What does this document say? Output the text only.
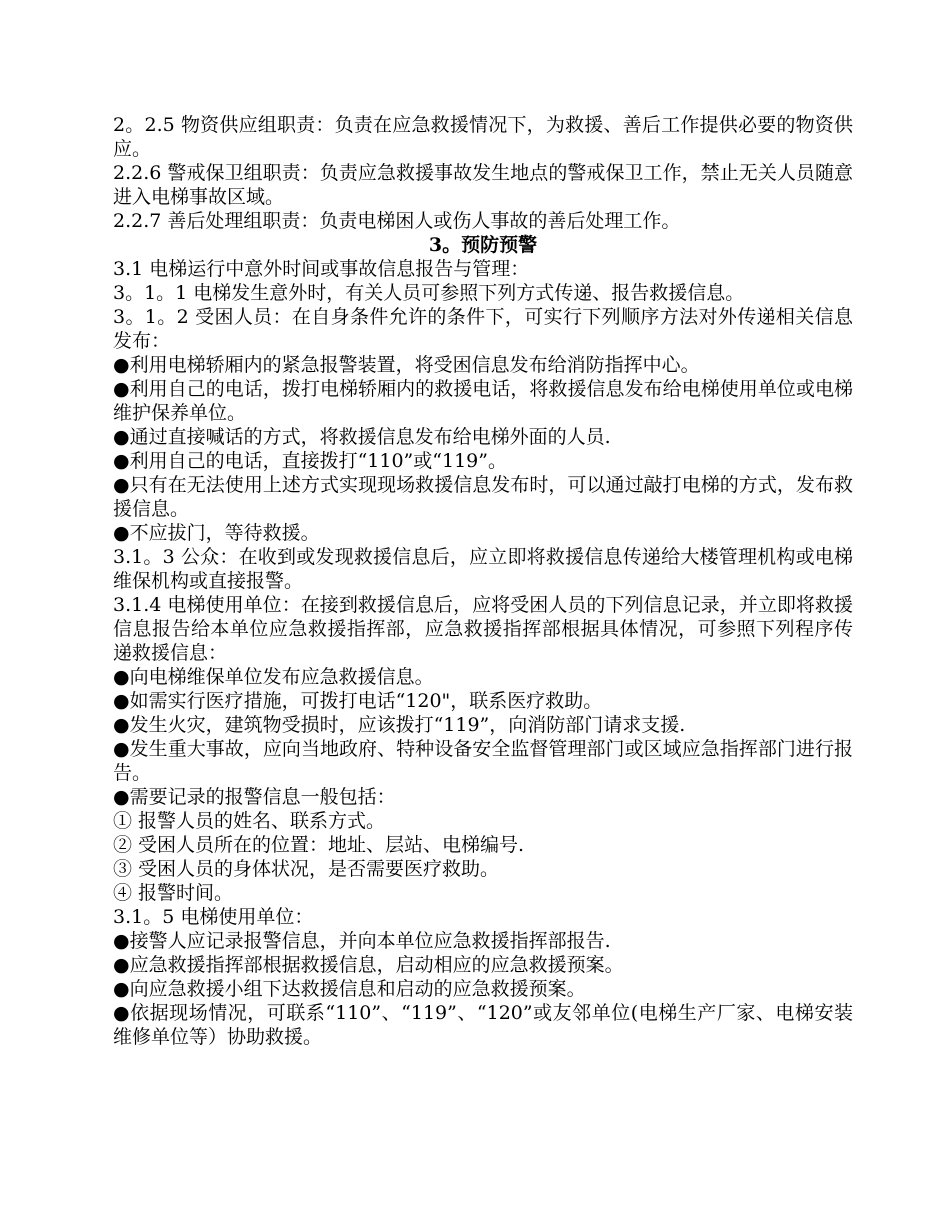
2。2.5 物资供应组职责：负责在应急救援情况下，为救援、善后工作提供必要的物资供应。

2.2.6 警戒保卫组职责：负责应急救援事故发生地点的警戒保卫工作，禁止无关人员随意进入电梯事故区域。

2.2.7 善后处理组职责：负责电梯困人或伤人事故的善后处理工作。

3。预防预警

3.1 电梯运行中意外时间或事故信息报告与管理：

3。1。1 电梯发生意外时，有关人员可参照下列方式传递、报告救援信息。

3。1。2 受困人员：在自身条件允许的条件下，可实行下列顺序方法对外传递相关信息发布：

●利用电梯轿厢内的紧急报警装置，将受困信息发布给消防指挥中心。

●利用自己的电话，拨打电梯轿厢内的救援电话，将救援信息发布给电梯使用单位或电梯维护保养单位。

●通过直接喊话的方式，将救援信息发布给电梯外面的人员.

●利用自己的电话，直接拨打“110”或“119”。

●只有在无法使用上述方式实现现场救援信息发布时，可以通过敲打电梯的方式，发布救援信息。

●不应拔门，等待救援。

3.1。3 公众：在收到或发现救援信息后，应立即将救援信息传递给大楼管理机构或电梯维保机构或直接报警。

3.1.4 电梯使用单位：在接到救援信息后，应将受困人员的下列信息记录，并立即将救援信息报告给本单位应急救援指挥部，应急救援指挥部根据具体情况，可参照下列程序传递救援信息：

●向电梯维保单位发布应急救援信息。

●如需实行医疗措施，可拨打电话“120"，联系医疗救助。

●发生火灾，建筑物受损时，应该拨打“119”，向消防部门请求支援.

●发生重大事故，应向当地政府、特种设备安全监督管理部门或区域应急指挥部门进行报告。

●需要记录的报警信息一般包括：

① 报警人员的姓名、联系方式。

② 受困人员所在的位置：地址、层站、电梯编号.

③ 受困人员的身体状况，是否需要医疗救助。

④ 报警时间。

3.1。5 电梯使用单位：

●接警人应记录报警信息，并向本单位应急救援指挥部报告.

●应急救援指挥部根据救援信息，启动相应的应急救援预案。

●向应急救援小组下达救援信息和启动的应急救援预案。

●依据现场情况，可联系“110”、“119”、“120”或友邻单位(电梯生产厂家、电梯安装维修单位等）协助救援。
